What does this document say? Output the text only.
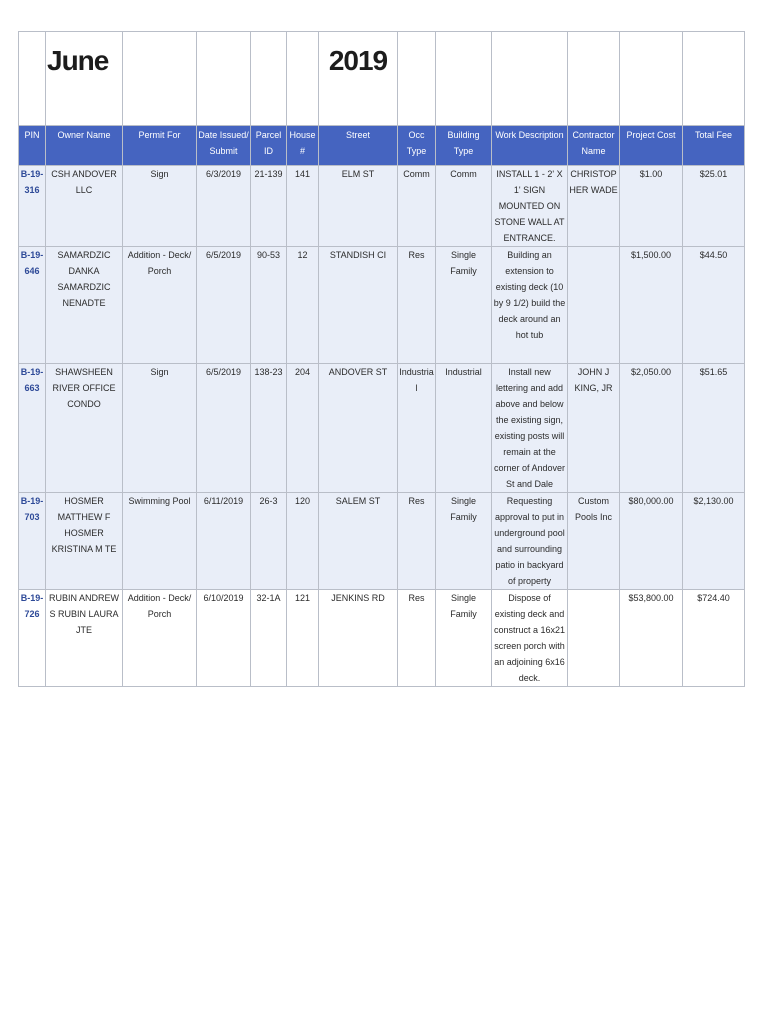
	June					2019						

PIN	Owner Name	Permit For	Date Issued/ Submit	Parcel ID	House #	Street	Occ Type	Building Type	Work Description	Contractor Name	Project Cost	Total Fee
B-19-316	CSH ANDOVER LLC	Sign	6/3/2019	21-139	141	ELM ST	Comm	Comm	INSTALL 1 - 2' X 1' SIGN MOUNTED ON STONE WALL AT ENTRANCE.	CHRISTOPHER WADE	$1.00	$25.01
B-19-646	SAMARDZIC DANKA SAMARDZIC NENADTE	Addition - Deck/ Porch	6/5/2019	90-53	12	STANDISH CI	Res	Single Family	Building an extension to existing deck (10 by 9 1/2) build the deck around an hot tub		$1,500.00	$44.50
B-19-663	SHAWSHEEN RIVER OFFICE CONDO	Sign	6/5/2019	138-23	204	ANDOVER ST	Industrial	Industrial	Install new lettering and add above and below the existing sign, existing posts will remain at the corner of Andover St and Dale	JOHN J KING, JR	$2,050.00	$51.65
B-19-703	HOSMER MATTHEW F HOSMER KRISTINA M TE	Swimming Pool	6/11/2019	26-3	120	SALEM ST	Res	Single Family	Requesting approval to put in underground pool and surrounding patio in backyard of property	Custom Pools Inc	$80,000.00	$2,130.00
B-19-726	RUBIN ANDREW S RUBIN LAURA JTE	Addition - Deck/ Porch	6/10/2019	32-1A	121	JENKINS RD	Res	Single Family	Dispose of existing deck and construct a 16x21 screen porch with an adjoining 6x16 deck.		$53,800.00	$724.40
